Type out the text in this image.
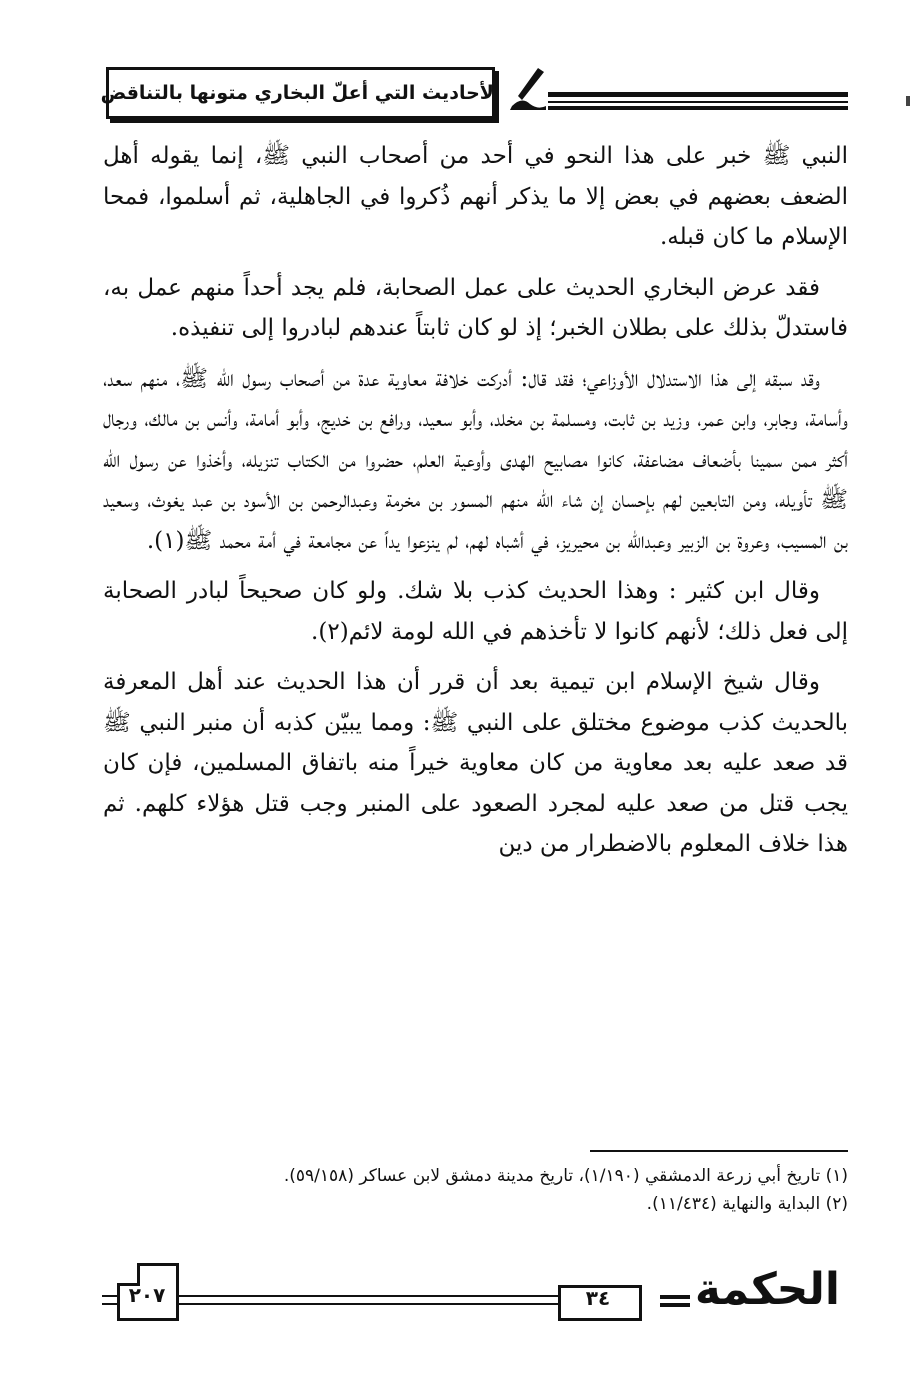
الأحاديث التي أعلّ البخاري متونها بالتناقض

النبي ﷺ خبر على هذا النحو في أحد من أصحاب النبي ﷺ، إنما يقوله أهل الضعف بعضهم في بعض إلا ما يذكر أنهم ذُكروا في الجاهلية، ثم أسلموا، فمحا الإسلام ما كان قبله.

فقد عرض البخاري الحديث على عمل الصحابة، فلم يجد أحداً منهم عمل به، فاستدلّ بذلك على بطلان الخبر؛ إذ لو كان ثابتاً عندهم لبادروا إلى تنفيذه.

وقد سبقه إلى هذا الاستدلال الأوزاعي؛ فقد قال: أدركت خلافة معاوية عدة من أصحاب رسول الله ﷺ، منهم سعد، وأسامة، وجابر، وابن عمر، وزيد بن ثابت، ومسلمة بن مخلد، وأبو سعيد، ورافع بن خديج، وأبو أمامة، وأنس بن مالك، ورجال أكثر ممن سمينا بأضعاف مضاعفة، كانوا مصابيح الهدى وأوعية العلم، حضروا من الكتاب تنزيله، وأخذوا عن رسول الله ﷺ تأويله، ومن التابعين لهم بإحسان إن شاء الله منهم المسور بن مخرمة وعبدالرحمن بن الأسود بن عبد يغوث، وسعيد بن المسيب، وعروة بن الزبير وعبدالله بن محيريز، في أشباه لهم، لم ينزعوا يداً عن مجامعة في أمة محمد ﷺ(١).

وقال ابن كثير : وهذا الحديث كذب بلا شك. ولو كان صحيحاً لبادر الصحابة إلى فعل ذلك؛ لأنهم كانوا لا تأخذهم في الله لومة لائم(٢).

وقال شيخ الإسلام ابن تيمية بعد أن قرر أن هذا الحديث عند أهل المعرفة بالحديث كذب موضوع مختلق على النبي ﷺ: ومما يبيّن كذبه أن منبر النبي ﷺ قد صعد عليه بعد معاوية من كان معاوية خيراً منه باتفاق المسلمين، فإن كان يجب قتل من صعد عليه لمجرد الصعود على المنبر وجب قتل هؤلاء كلهم. ثم هذا خلاف المعلوم بالاضطرار من دين

(١) تاريخ أبي زرعة الدمشقي (١/١٩٠)، تاريخ مدينة دمشق لابن عساكر (٥٩/١٥٨).
(٢) البداية والنهاية (١١/٤٣٤).
٢٠٧	٣٤	الحكمة
